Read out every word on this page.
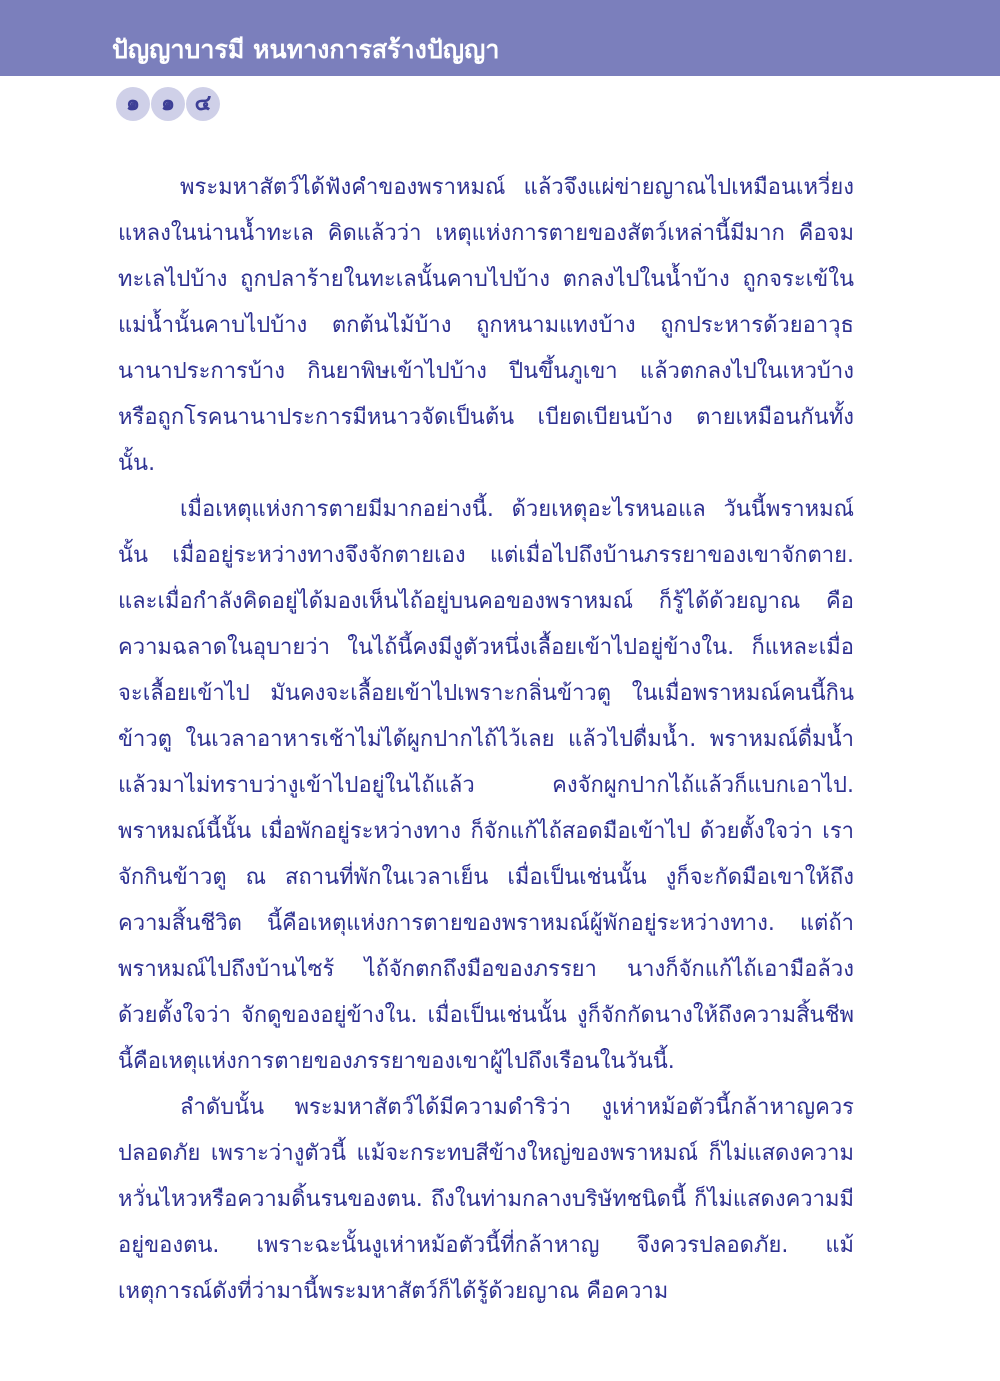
ปัญญาบารมี หนทางการสร้างปัญญา
๑ ๑ ๔

พระมหาสัตว์ได้ฟังคำของพราหมณ์ แล้วจึงแผ่ข่ายญาณไปเหมือนเหวี่ยงแหลงในน่านน้ำทะเล คิดแล้วว่า เหตุแห่งการตายของสัตว์เหล่านี้มีมาก คือจมทะเลไปบ้าง ถูกปลาร้ายในทะเลนั้นคาบไปบ้าง ตกลงไปในน้ำบ้าง ถูกจระเข้ในแม่น้ำนั้นคาบไปบ้าง ตกต้นไม้บ้าง ถูกหนามแทงบ้าง ถูกประหารด้วยอาวุธนานาประการบ้าง กินยาพิษเข้าไปบ้าง ปีนขึ้นภูเขา แล้วตกลงไปในเหวบ้าง หรือถูกโรคนานาประการมีหนาวจัดเป็นต้น เบียดเบียนบ้าง ตายเหมือนกันทั้งนั้น.

เมื่อเหตุแห่งการตายมีมากอย่างนี้. ด้วยเหตุอะไรหนอแล วันนี้พราหมณ์นั้น เมื่ออยู่ระหว่างทางจึงจักตายเอง แต่เมื่อไปถึงบ้านภรรยาของเขาจักตาย. และเมื่อกำลังคิดอยู่ได้มองเห็นไถ้อยู่บนคอของพราหมณ์ ก็รู้ได้ด้วยญาณ คือความฉลาดในอุบายว่า ในไถ้นี้คงมีงูตัวหนึ่งเลื้อยเข้าไปอยู่ข้างใน. ก็แหละเมื่อจะเลื้อยเข้าไป มันคงจะเลื้อยเข้าไปเพราะกลิ่นข้าวตู ในเมื่อพราหมณ์คนนี้กินข้าวตู ในเวลาอาหารเช้าไม่ได้ผูกปากไถ้ไว้เลย แล้วไปดื่มน้ำ. พราหมณ์ดื่มน้ำ แล้วมาไม่ทราบว่างูเข้าไปอยู่ในไถ้แล้ว คงจักผูกปากไถ้แล้วก็แบกเอาไป. พราหมณ์นี้นั้น เมื่อพักอยู่ระหว่างทาง ก็จักแก้ไถ้สอดมือเข้าไป ด้วยตั้งใจว่า เราจักกินข้าวตู ณ สถานที่พักในเวลาเย็น เมื่อเป็นเช่นนั้น งูก็จะกัดมือเขาให้ถึงความสิ้นชีวิต นี้คือเหตุแห่งการตายของพราหมณ์ผู้พักอยู่ระหว่างทาง. แต่ถ้าพราหมณ์ไปถึงบ้านไซร้ ไถ้จักตกถึงมือของภรรยา นางก็จักแก้ไถ้เอามือล้วง ด้วยตั้งใจว่า จักดูของอยู่ข้างใน. เมื่อเป็นเช่นนั้น งูก็จักกัดนางให้ถึงความสิ้นชีพ นี้คือเหตุแห่งการตายของภรรยาของเขาผู้ไปถึงเรือนในวันนี้.

ลำดับนั้น พระมหาสัตว์ได้มีความดำริว่า งูเห่าหม้อตัวนี้กล้าหาญควรปลอดภัย เพราะว่างูตัวนี้ แม้จะกระทบสีข้างใหญ่ของพราหมณ์ ก็ไม่แสดงความหวั่นไหวหรือความดิ้นรนของตน. ถึงในท่ามกลางบริษัทชนิดนี้ ก็ไม่แสดงความมีอยู่ของตน. เพราะฉะนั้นงูเห่าหม้อตัวนี้ที่กล้าหาญ จึงควรปลอดภัย. แม้เหตุการณ์ดังที่ว่ามานี้พระมหาสัตว์ก็ได้รู้ด้วยญาณ คือความ
